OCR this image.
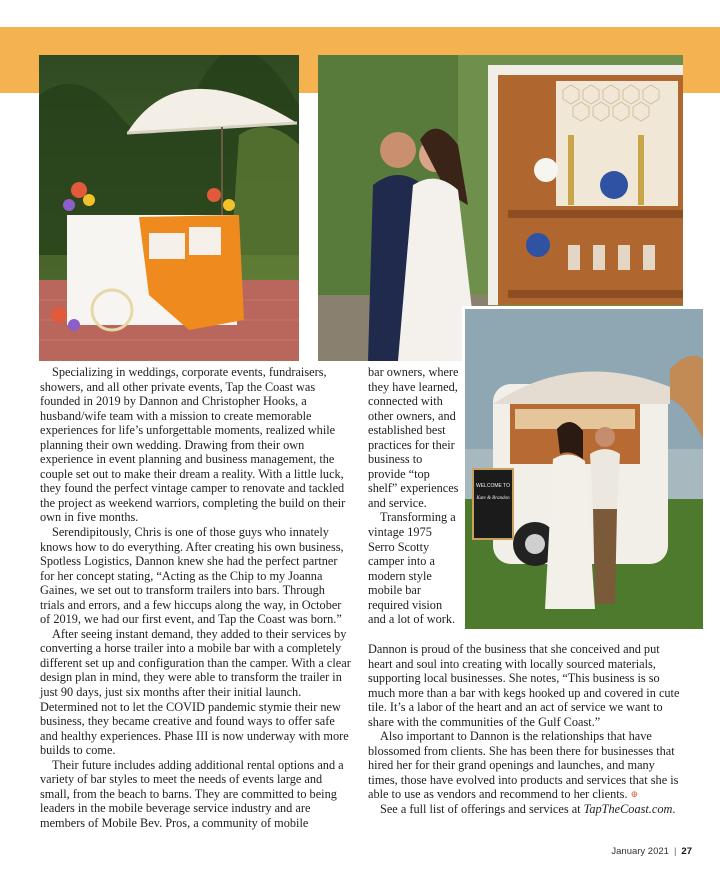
WELCOME TO
Kate & Brandon

Specializing in weddings, corporate events, fundraisers, showers, and all other private events, Tap the Coast was founded in 2019 by Dannon and Christopher Hooks, a husband/wife team with a mission to create memorable experiences for life’s unforgettable moments, realized while planning their own wedding. Drawing from their own experience in event planning and business management, the couple set out to make their dream a reality. With a little luck, they found the perfect vintage camper to renovate and tackled the project as weekend warriors, completing the build on their own in five months.

Serendipitously, Chris is one of those guys who innately knows how to do everything. After creating his own business, Spotless Logistics, Dannon knew she had the perfect partner for her concept stating, “Acting as the Chip to my Joanna Gaines, we set out to transform trailers into bars. Through trials and errors, and a few hiccups along the way, in October of 2019, we had our first event, and Tap the Coast was born.”

After seeing instant demand, they added to their services by converting a horse trailer into a mobile bar with a completely different set up and configuration than the camper. With a clear design plan in mind, they were able to transform the trailer in just 90 days, just six months after their initial launch. Determined not to let the COVID pandemic stymie their new business, they became creative and found ways to offer safe and healthy experiences. Phase III is now underway with more builds to come.

Their future includes adding additional rental options and a variety of bar styles to meet the needs of events large and small, from the beach to barns. They are committed to being leaders in the mobile beverage service industry and are members of Mobile Bev. Pros, a community of mobile

bar owners, where they have learned, connected with other owners, and established best practices for their business to provide “top shelf” experiences and service.

Transforming a vintage 1975 Serro Scotty camper into a modern style mobile bar required vision and a lot of work.

Dannon is proud of the business that she conceived and put heart and soul into creating with locally sourced materials, supporting local businesses. She notes, “This business is so much more than a bar with kegs hooked up and covered in cute tile. It’s a labor of the heart and an act of service we want to share with the communities of the Gulf Coast.”

Also important to Dannon is the relationships that have blossomed from clients. She has been there for businesses that hired her for their grand openings and launches, and many times, those have evolved into products and services that she is able to use as vendors and recommend to her clients. ⊕

See a full list of offerings and services at TapTheCoast.com.

January 2021 | 27
